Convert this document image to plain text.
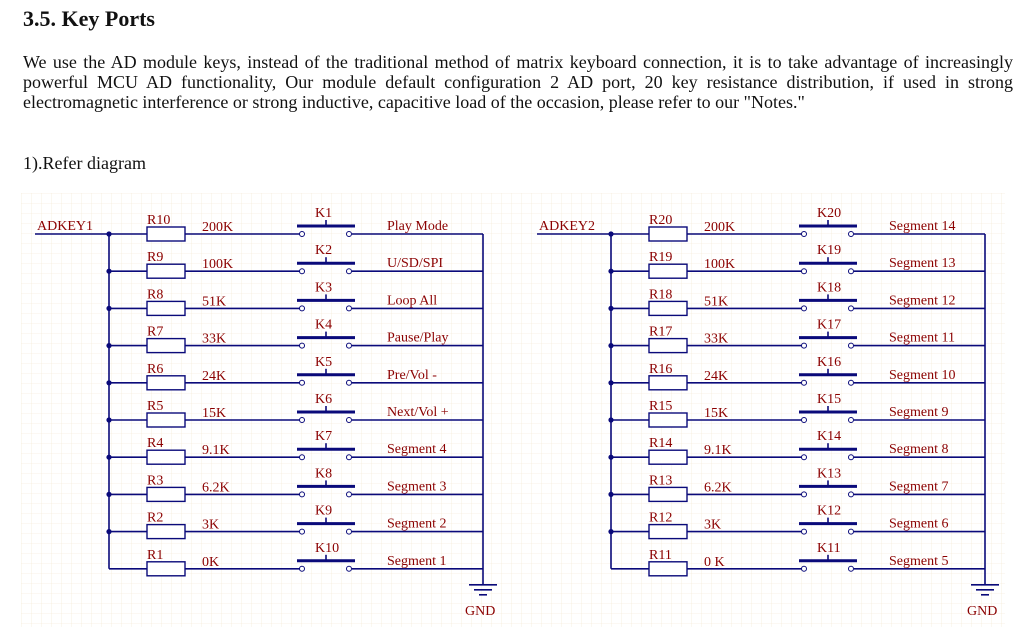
3.5. Key Ports

We use the AD module keys, instead of the traditional method of matrix keyboard connection, it is to take advantage of increasingly powerful MCU AD functionality, Our module default configuration 2 AD port, 20 key resistance distribution, if used in strong electromagnetic interference or strong inductive, capacitive load of the occasion, please refer to our "Notes."

1).Refer diagram

ADKEY1	R10 200K
K1
Play Mode
R9	100K
K2
U/SD/SPI
R8	51K
K3
Loop All
R7	33K
K4
Pause/Play
R6	24K
K5
Pre/Vol -
R5	15K
K6
Next/Vol +
R4	9.1K
K7
Segment 4
R3	6.2K
K8
Segment 3
R2	3K
K9
Segment 2
R1	0K
K10
Segment 1
GND
ADKEY2	R20 200K
K20
Segment 14
R19 100K
K19
Segment 13
R18 51K
K18
Segment 12
R17 33K
K17
Segment 11
R16 24K
K16
Segment 10
R15 15K
K15
Segment 9
R14 9.1K
K14
Segment 8
R13 6.2K
K13
Segment 7
R12 3K
K12
Segment 6
R11 0 K
K11
Segment 5
GND
